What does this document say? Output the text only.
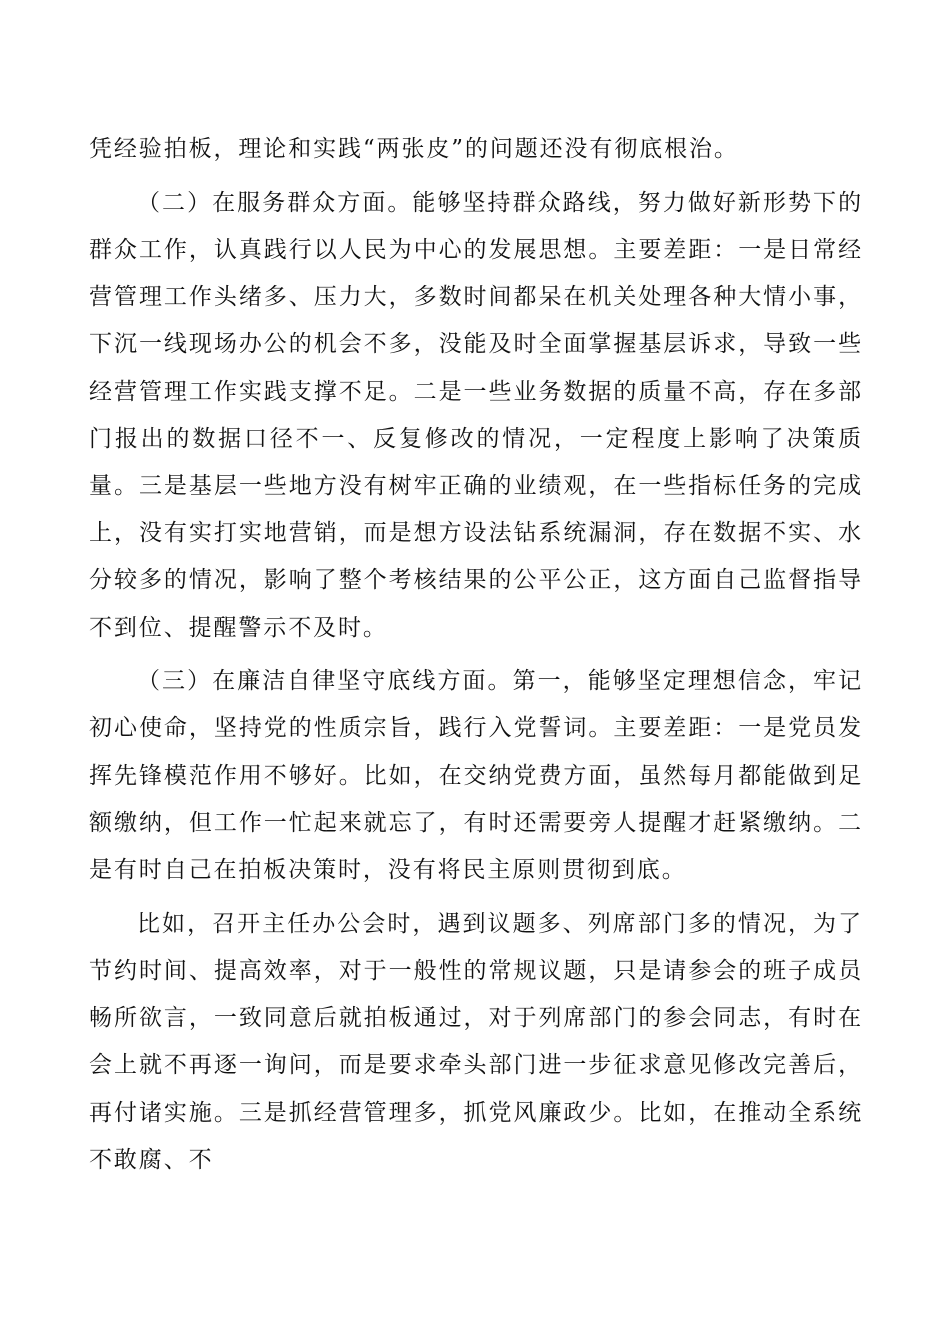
凭经验拍板，理论和实践“两张皮”的问题还没有彻底根治。

（二）在服务群众方面。能够坚持群众路线，努力做好新形势下的群众工作，认真践行以人民为中心的发展思想。主要差距：一是日常经营管理工作头绪多、压力大，多数时间都呆在机关处理各种大情小事，下沉一线现场办公的机会不多，没能及时全面掌握基层诉求，导致一些经营管理工作实践支撑不足。二是一些业务数据的质量不高，存在多部门报出的数据口径不一、反复修改的情况，一定程度上影响了决策质量。三是基层一些地方没有树牢正确的业绩观，在一些指标任务的完成上，没有实打实地营销，而是想方设法钻系统漏洞，存在数据不实、水分较多的情况，影响了整个考核结果的公平公正，这方面自己监督指导不到位、提醒警示不及时。

（三）在廉洁自律坚守底线方面。第一，能够坚定理想信念，牢记初心使命，坚持党的性质宗旨，践行入党誓词。主要差距：一是党员发挥先锋模范作用不够好。比如，在交纳党费方面，虽然每月都能做到足额缴纳，但工作一忙起来就忘了，有时还需要旁人提醒才赶紧缴纳。二是有时自己在拍板决策时，没有将民主原则贯彻到底。

比如，召开主任办公会时，遇到议题多、列席部门多的情况，为了节约时间、提高效率，对于一般性的常规议题，只是请参会的班子成员畅所欲言，一致同意后就拍板通过，对于列席部门的参会同志，有时在会上就不再逐一询问，而是要求牵头部门进一步征求意见修改完善后，再付诸实施。三是抓经营管理多，抓党风廉政少。比如，在推动全系统不敢腐、不
